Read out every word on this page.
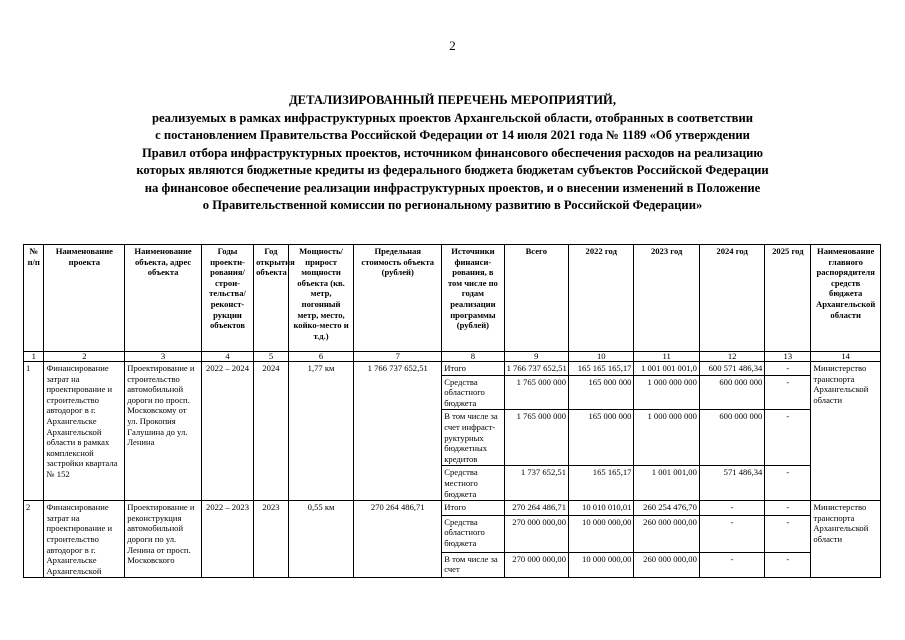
2
ДЕТАЛИЗИРОВАННЫЙ ПЕРЕЧЕНЬ МЕРОПРИЯТИЙ,
реализуемых в рамках инфраструктурных проектов Архангельской области, отобранных в соответствии
с постановлением Правительства Российской Федерации от 14 июля 2021 года № 1189 «Об утверждении
Правил отбора инфраструктурных проектов, источником финансового обеспечения расходов на реализацию
которых являются бюджетные кредиты из федерального бюджета бюджетам субъектов Российской Федерации
на финансовое обеспечение реализации инфраструктурных проектов, и о внесении изменений в Положение
о Правительственной комиссии по региональному развитию в Российской Федерации»
№ п/п	Наименование проекта	Наименование объекта, адрес объекта	Годы проекти-рования/ строи-тельства/ реконст-рукции объектов	Год открытия объекта	Мощность/ прирост мощности объекта (кв. метр, погонный метр, место, койко-место и т.д.)	Предельная стоимость объекта (рублей)	Источники финанси-рования, в том числе по годам реализации программы (рублей)	Всего	2022 год	2023 год	2024 год	2025 год	Наименование главного распорядителя средств бюджета Архангельской области
1	2	3	4	5	6	7	8	9	10	11	12	13	14
1	Финансирование затрат на проектирование и строительство автодорог в г. Архангельске Архангельской области в рамках комплексной застройки квартала № 152	Проектирование и строительство автомобильной дороги по просп. Московскому от ул. Прокопия Галушина до ул. Ленина	2022 – 2024	2024	1,77 км	1 766 737 652,51	Итого	1 766 737 652,51	165 165 165,17	1 001 001 001,0	600 571 486,34	-	Министерство транспорта Архангельской области
							Средства областного бюджета	1 765 000 000	165 000 000	1 000 000 000	600 000 000	-	
							В том числе за счет инфраст-руктурных бюджетных кредитов	1 765 000 000	165 000 000	1 000 000 000	600 000 000	-	
							Средства местного бюджета	1 737 652,51	165 165,17	1 001 001,00	571 486,34	-	
2	Финансирование затрат на проектирование и строительство автодорог в г. Архангельске Архангельской	Проектирование и реконструкция автомобильной дороги по ул. Ленина от просп. Московского	2022 – 2023	2023	0,55 км	270 264 486,71	Итого	270 264 486,71	10 010 010,01	260 254 476,70	-	-	Министерство транспорта Архангельской области
							Средства областного бюджета	270 000 000,00	10 000 000,00	260 000 000,00	-	-	
							В том числе за счет	270 000 000,00	10 000 000,00	260 000 000,00	-	-	
